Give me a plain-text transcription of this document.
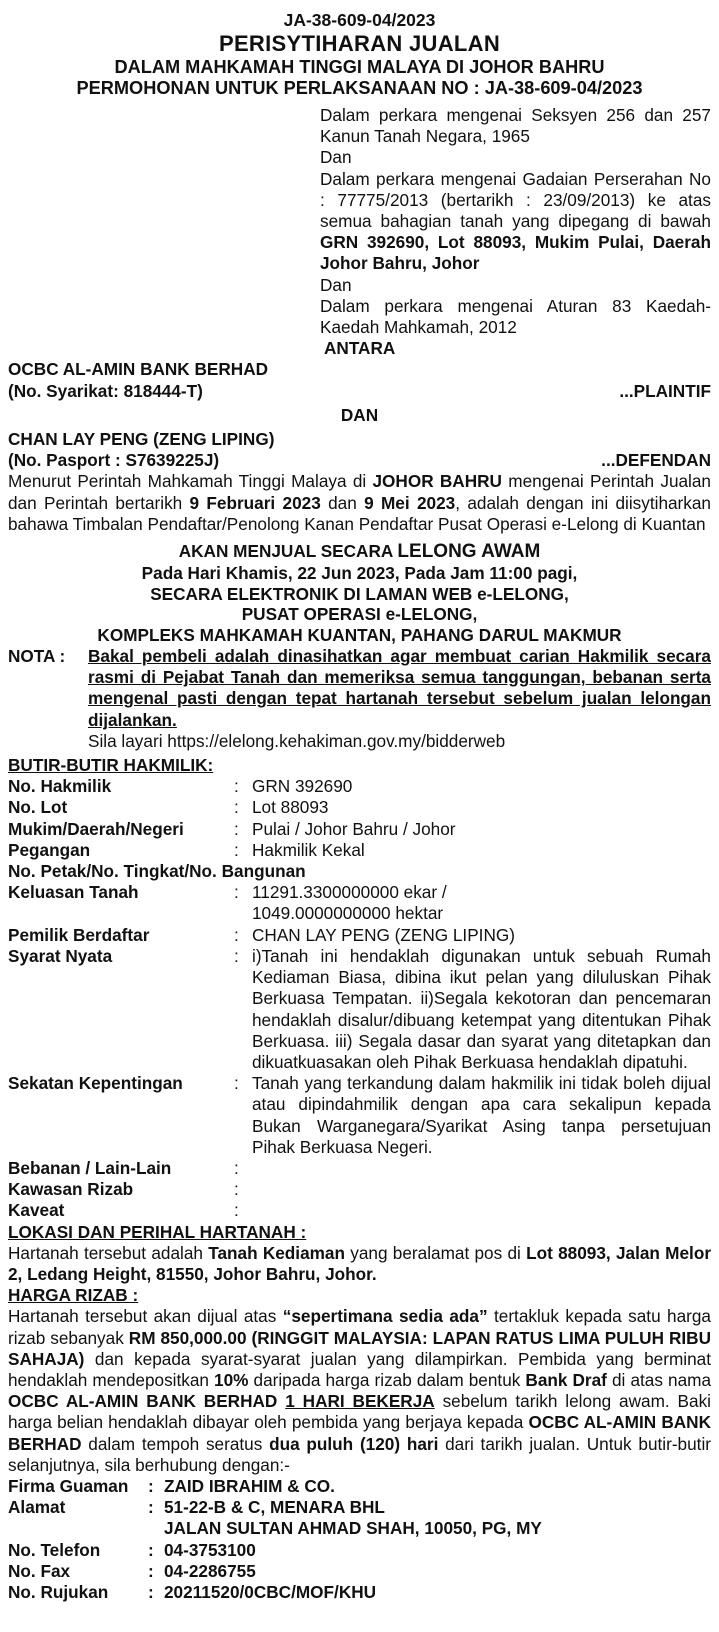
JA-38-609-04/2023
PERISYTIHARAN JUALAN
DALAM MAHKAMAH TINGGI MALAYA DI JOHOR BAHRU
PERMOHONAN UNTUK PERLAKSANAAN NO : JA-38-609-04/2023
Dalam perkara mengenai Seksyen 256 dan 257 Kanun Tanah Negara, 1965
Dan
Dalam perkara mengenai Gadaian Perserahan No : 77775/2013 (bertarikh : 23/09/2013) ke atas semua bahagian tanah yang dipegang di bawah GRN 392690, Lot 88093, Mukim Pulai, Daerah Johor Bahru, Johor
Dan
Dalam perkara mengenai Aturan 83 Kaedah-Kaedah Mahkamah, 2012
ANTARA
OCBC AL-AMIN BANK BERHAD
(No. Syarikat: 818444-T)	...PLAINTIF
DAN
CHAN LAY PENG (ZENG LIPING)
(No. Pasport : S7639225J)	...DEFENDAN
Menurut Perintah Mahkamah Tinggi Malaya di JOHOR BAHRU mengenai Perintah Jualan dan Perintah bertarikh 9 Februari 2023 dan 9 Mei 2023, adalah dengan ini diisytiharkan bahawa Timbalan Pendaftar/Penolong Kanan Pendaftar Pusat Operasi e-Lelong di Kuantan
AKAN MENJUAL SECARA LELONG AWAM
Pada Hari Khamis, 22 Jun 2023, Pada Jam 11:00 pagi,
SECARA ELEKTRONIK DI LAMAN WEB e-LELONG,
PUSAT OPERASI e-LELONG,
KOMPLEKS MAHKAMAH KUANTAN, PAHANG DARUL MAKMUR
NOTA :	Bakal pembeli adalah dinasihatkan agar membuat carian Hakmilik secara rasmi di Pejabat Tanah dan memeriksa semua tanggungan, bebanan serta mengenal pasti dengan tepat hartanah tersebut sebelum jualan lelongan dijalankan.
Sila layari https://elelong.kehakiman.gov.my/bidderweb
BUTIR-BUTIR HAKMILIK:
No. Hakmilik	: GRN 392690
No. Lot	: Lot 88093
Mukim/Daerah/Negeri	: Pulai / Johor Bahru / Johor
Pegangan	: Hakmilik Kekal
No. Petak/No. Tingkat/No. Bangunan
Keluasan Tanah	: 11291.3300000000 ekar /
1049.0000000000 hektar
Pemilik Berdaftar	: CHAN LAY PENG (ZENG LIPING)
Syarat Nyata	: i)Tanah ini hendaklah digunakan untuk sebuah Rumah Kediaman Biasa, dibina ikut pelan yang diluluskan Pihak Berkuasa Tempatan. ii)Segala kekotoran dan pencemaran hendaklah disalur/dibuang ketempat yang ditentukan Pihak Berkuasa. iii) Segala dasar dan syarat yang ditetapkan dan dikuatkuasakan oleh Pihak Berkuasa hendaklah dipatuhi.
Sekatan Kepentingan	: Tanah yang terkandung dalam hakmilik ini tidak boleh dijual atau dipindahmilik dengan apa cara sekalipun kepada Bukan Warganegara/Syarikat Asing tanpa persetujuan Pihak Berkuasa Negeri.
Bebanan / Lain-Lain	:
Kawasan Rizab	:
Kaveat	:
LOKASI DAN PERIHAL HARTANAH :
Hartanah tersebut adalah Tanah Kediaman yang beralamat pos di Lot 88093, Jalan Melor 2, Ledang Height, 81550, Johor Bahru, Johor.
HARGA RIZAB :
Hartanah tersebut akan dijual atas “sepertimana sedia ada” tertakluk kepada satu harga rizab sebanyak RM 850,000.00 (RINGGIT MALAYSIA: LAPAN RATUS LIMA PULUH RIBU SAHAJA) dan kepada syarat-syarat jualan yang dilampirkan. Pembida yang berminat hendaklah mendepositkan 10% daripada harga rizab dalam bentuk Bank Draf di atas nama OCBC AL-AMIN BANK BERHAD 1 HARI BEKERJA sebelum tarikh lelong awam. Baki harga belian hendaklah dibayar oleh pembida yang berjaya kepada OCBC AL-AMIN BANK BERHAD dalam tempoh seratus dua puluh (120) hari dari tarikh jualan. Untuk butir-butir selanjutnya, sila berhubung dengan:-
Firma Guaman	: ZAID IBRAHIM & CO.
Alamat	: 51-22-B & C, MENARA BHL
JALAN SULTAN AHMAD SHAH, 10050, PG, MY
No. Telefon	: 04-3753100
No. Fax	: 04-2286755
No. Rujukan	: 20211520/0CBC/MOF/KHU
